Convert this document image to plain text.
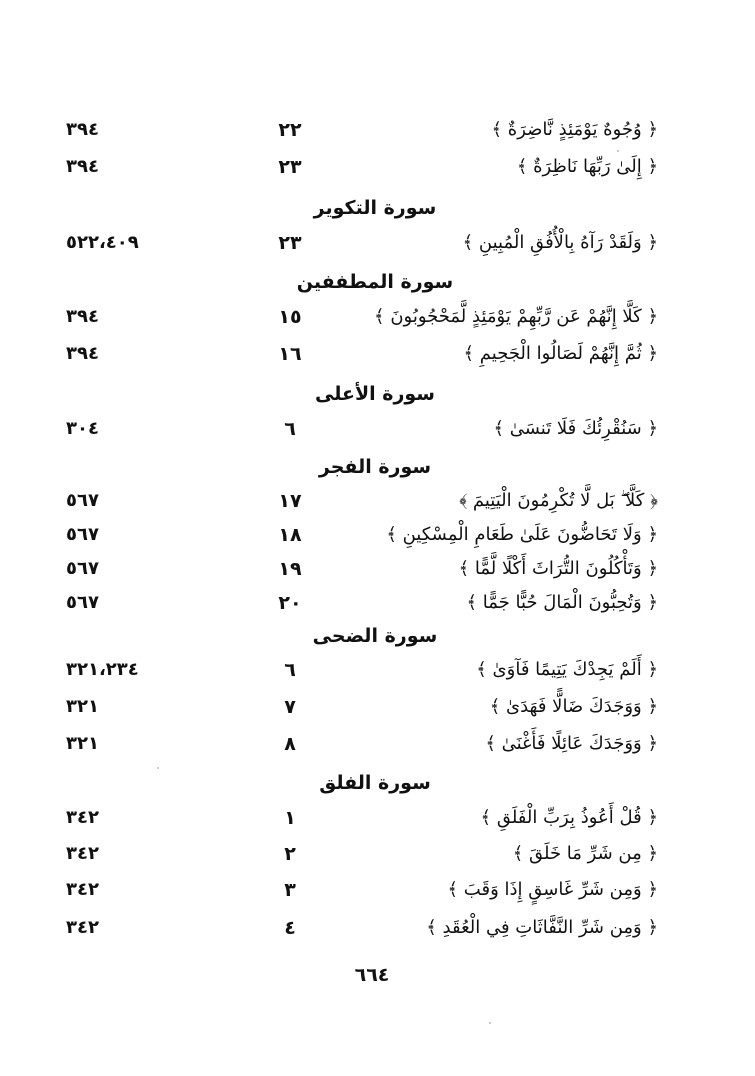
﴿ وُجُوهٌ يَوْمَئِذٍ نَّاضِرَةٌ ﴾
٢٢
٣٩٤
﴿ إِلَىٰ رَبِّهَا نَاظِرَةٌ ﴾
٢٣
٣٩٤
سورة التكوير
﴿ وَلَقَدْ رَآهُ بِالْأُفُقِ الْمُبِينِ ﴾
٢٣
٥٢٢،٤٠٩
سورة المطففين
﴿ كَلَّا إِنَّهُمْ عَن رَّبِّهِمْ يَوْمَئِذٍ لَّمَحْجُوبُونَ ﴾
١٥
٣٩٤
﴿ ثُمَّ إِنَّهُمْ لَصَالُوا الْجَحِيمِ ﴾
١٦
٣٩٤
سورة الأعلى
﴿ سَنُقْرِئُكَ فَلَا تَنسَىٰ ﴾
٦
٣٠٤
سورة الفجر
﴿ كَلَّا ۖ بَل لَّا تُكْرِمُونَ الْيَتِيمَ ﴾
١٧
٥٦٧
﴿ وَلَا تَحَاضُّونَ عَلَىٰ طَعَامِ الْمِسْكِينِ ﴾
١٨
٥٦٧
﴿ وَتَأْكُلُونَ التُّرَاثَ أَكْلًا لَّمًّا ﴾
١٩
٥٦٧
﴿ وَتُحِبُّونَ الْمَالَ حُبًّا جَمًّا ﴾
٢٠
٥٦٧
سورة الضحى
﴿ أَلَمْ يَجِدْكَ يَتِيمًا فَآوَىٰ ﴾
٦
٣٢١،٢٣٤
﴿ وَوَجَدَكَ ضَالًّا فَهَدَىٰ ﴾
٧
٣٢١
﴿ وَوَجَدَكَ عَائِلًا فَأَغْنَىٰ ﴾
٨
٣٢١
سورة الفلق
﴿ قُلْ أَعُوذُ بِرَبِّ الْفَلَقِ ﴾
١
٣٤٢
﴿ مِن شَرِّ مَا خَلَقَ ﴾
٢
٣٤٢
﴿ وَمِن شَرِّ غَاسِقٍ إِذَا وَقَبَ ﴾
٣
٣٤٢
﴿ وَمِن شَرِّ النَّفَّاثَاتِ فِي الْعُقَدِ ﴾
٤
٣٤٢
٦٦٤
